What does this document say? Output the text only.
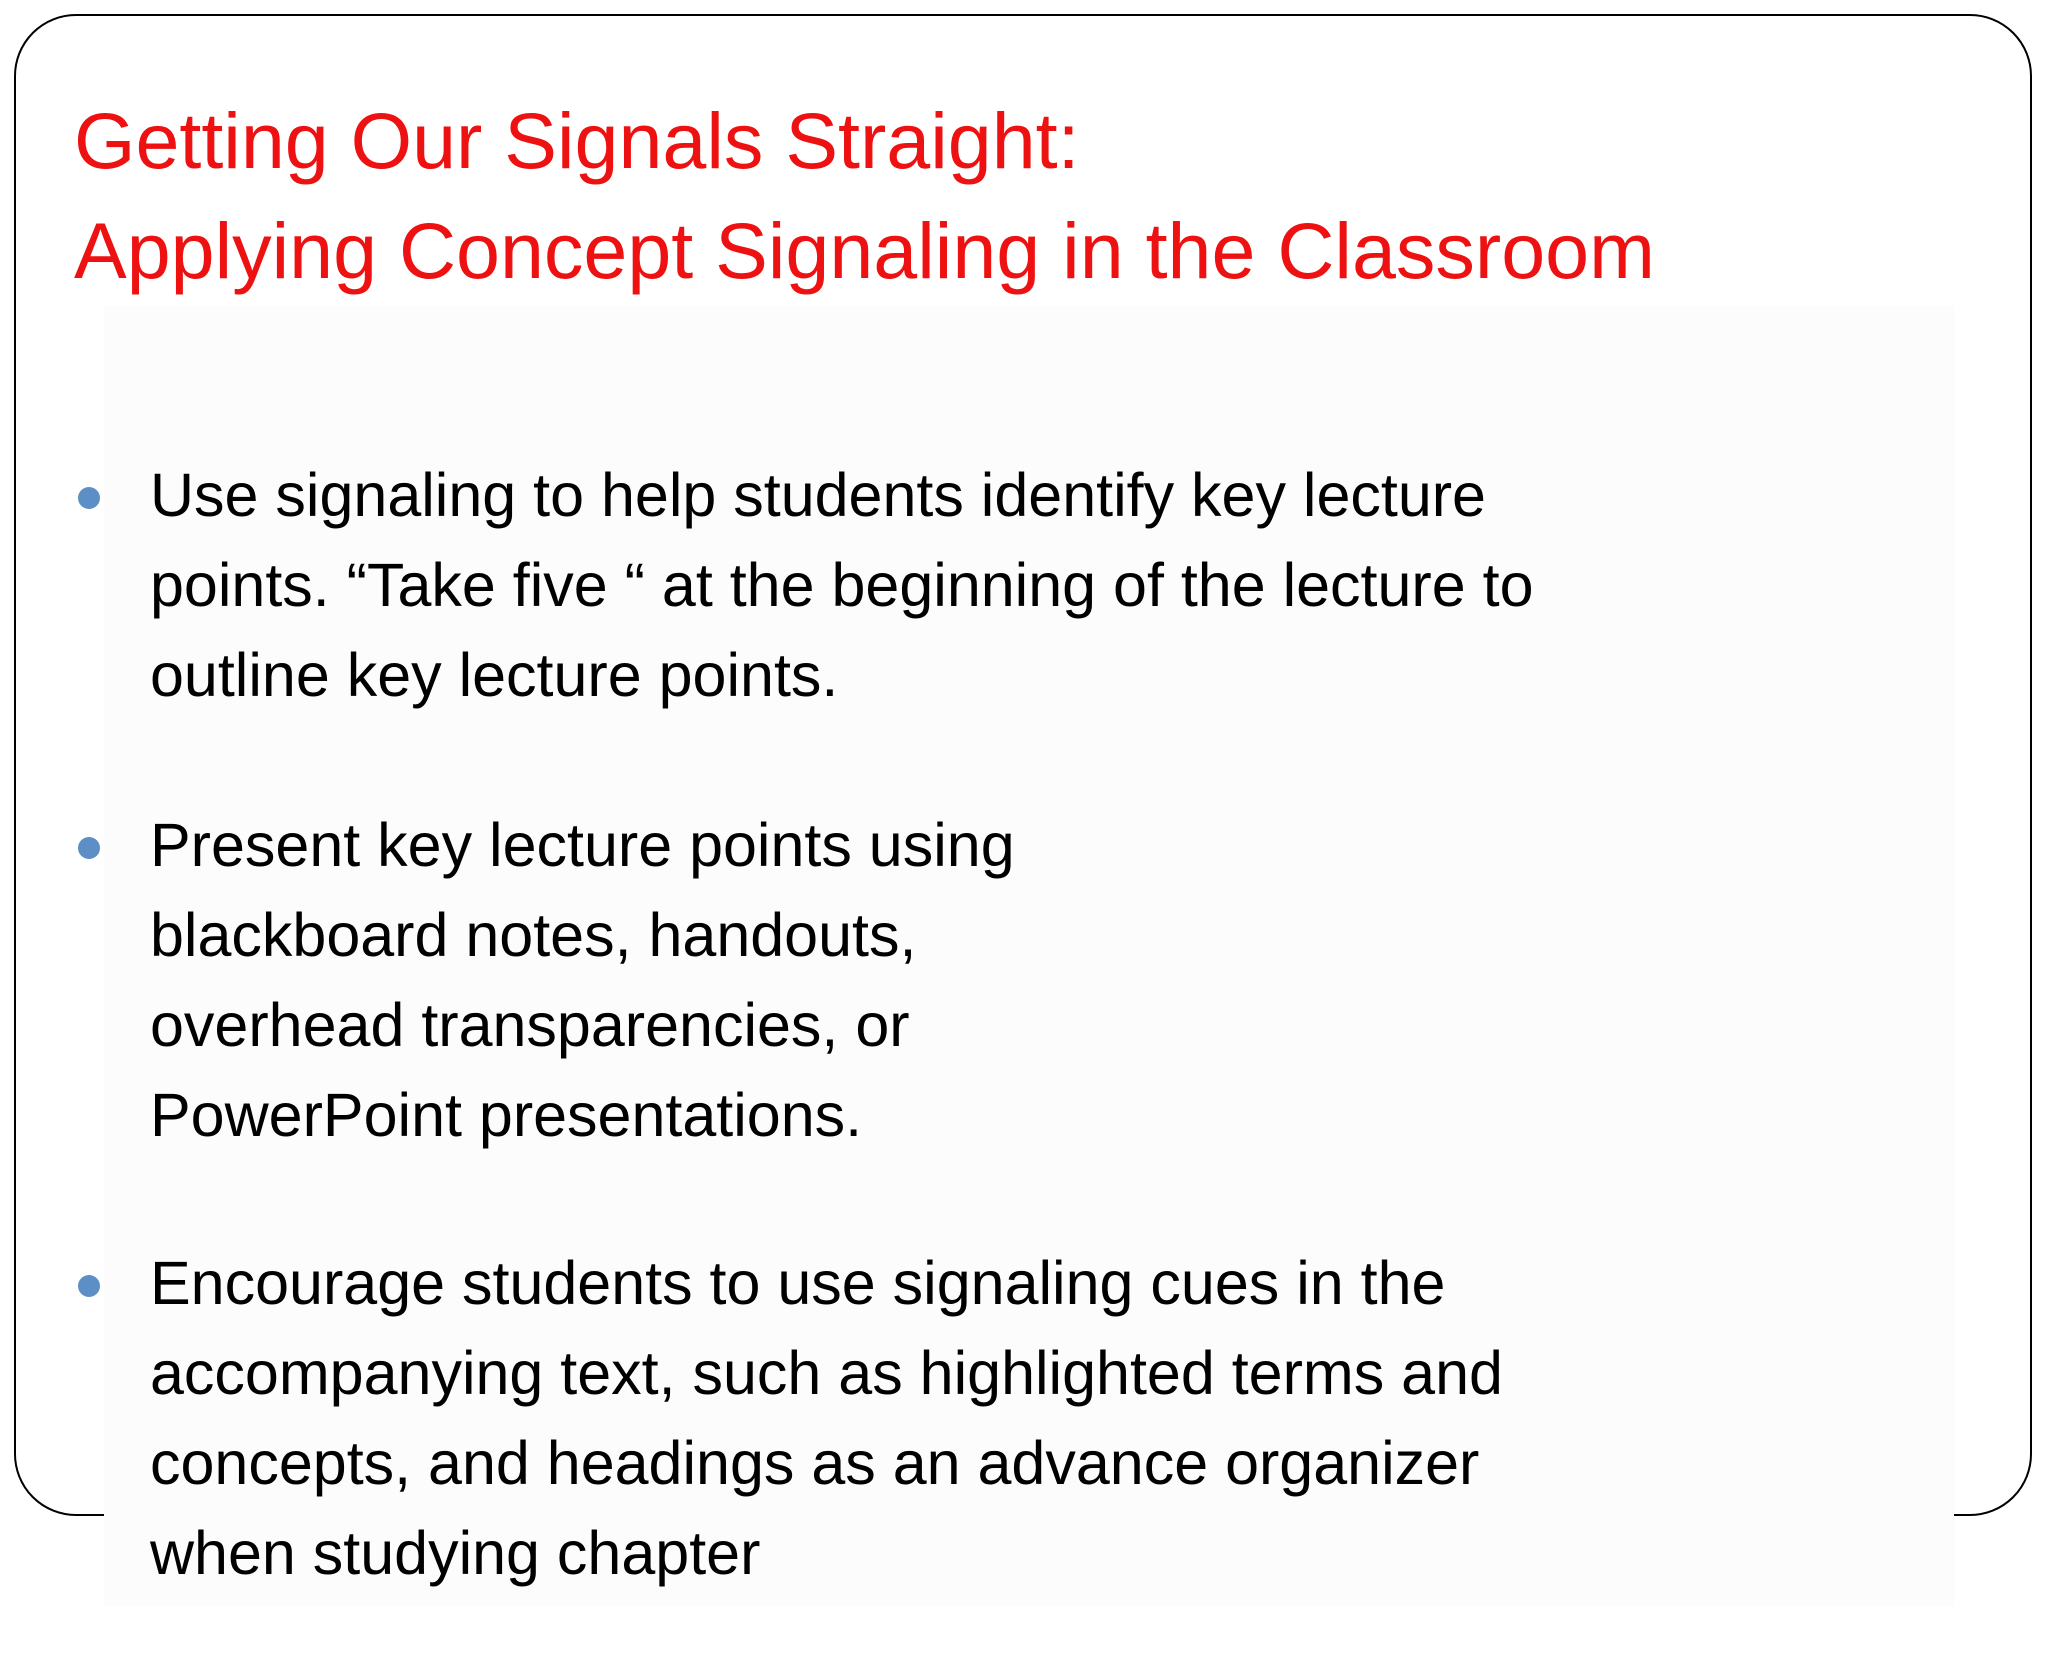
Getting Our Signals Straight:
Applying Concept Signaling in the Classroom
Use signaling to help students identify key lecture points. “Take five “ at the beginning of the lecture to outline key lecture points.
Present key lecture points using blackboard notes, handouts, overhead transparencies, or PowerPoint presentations.
Encourage students to use signaling cues in the accompanying text, such as highlighted terms and concepts, and headings as an advance organizer when studying chapter
